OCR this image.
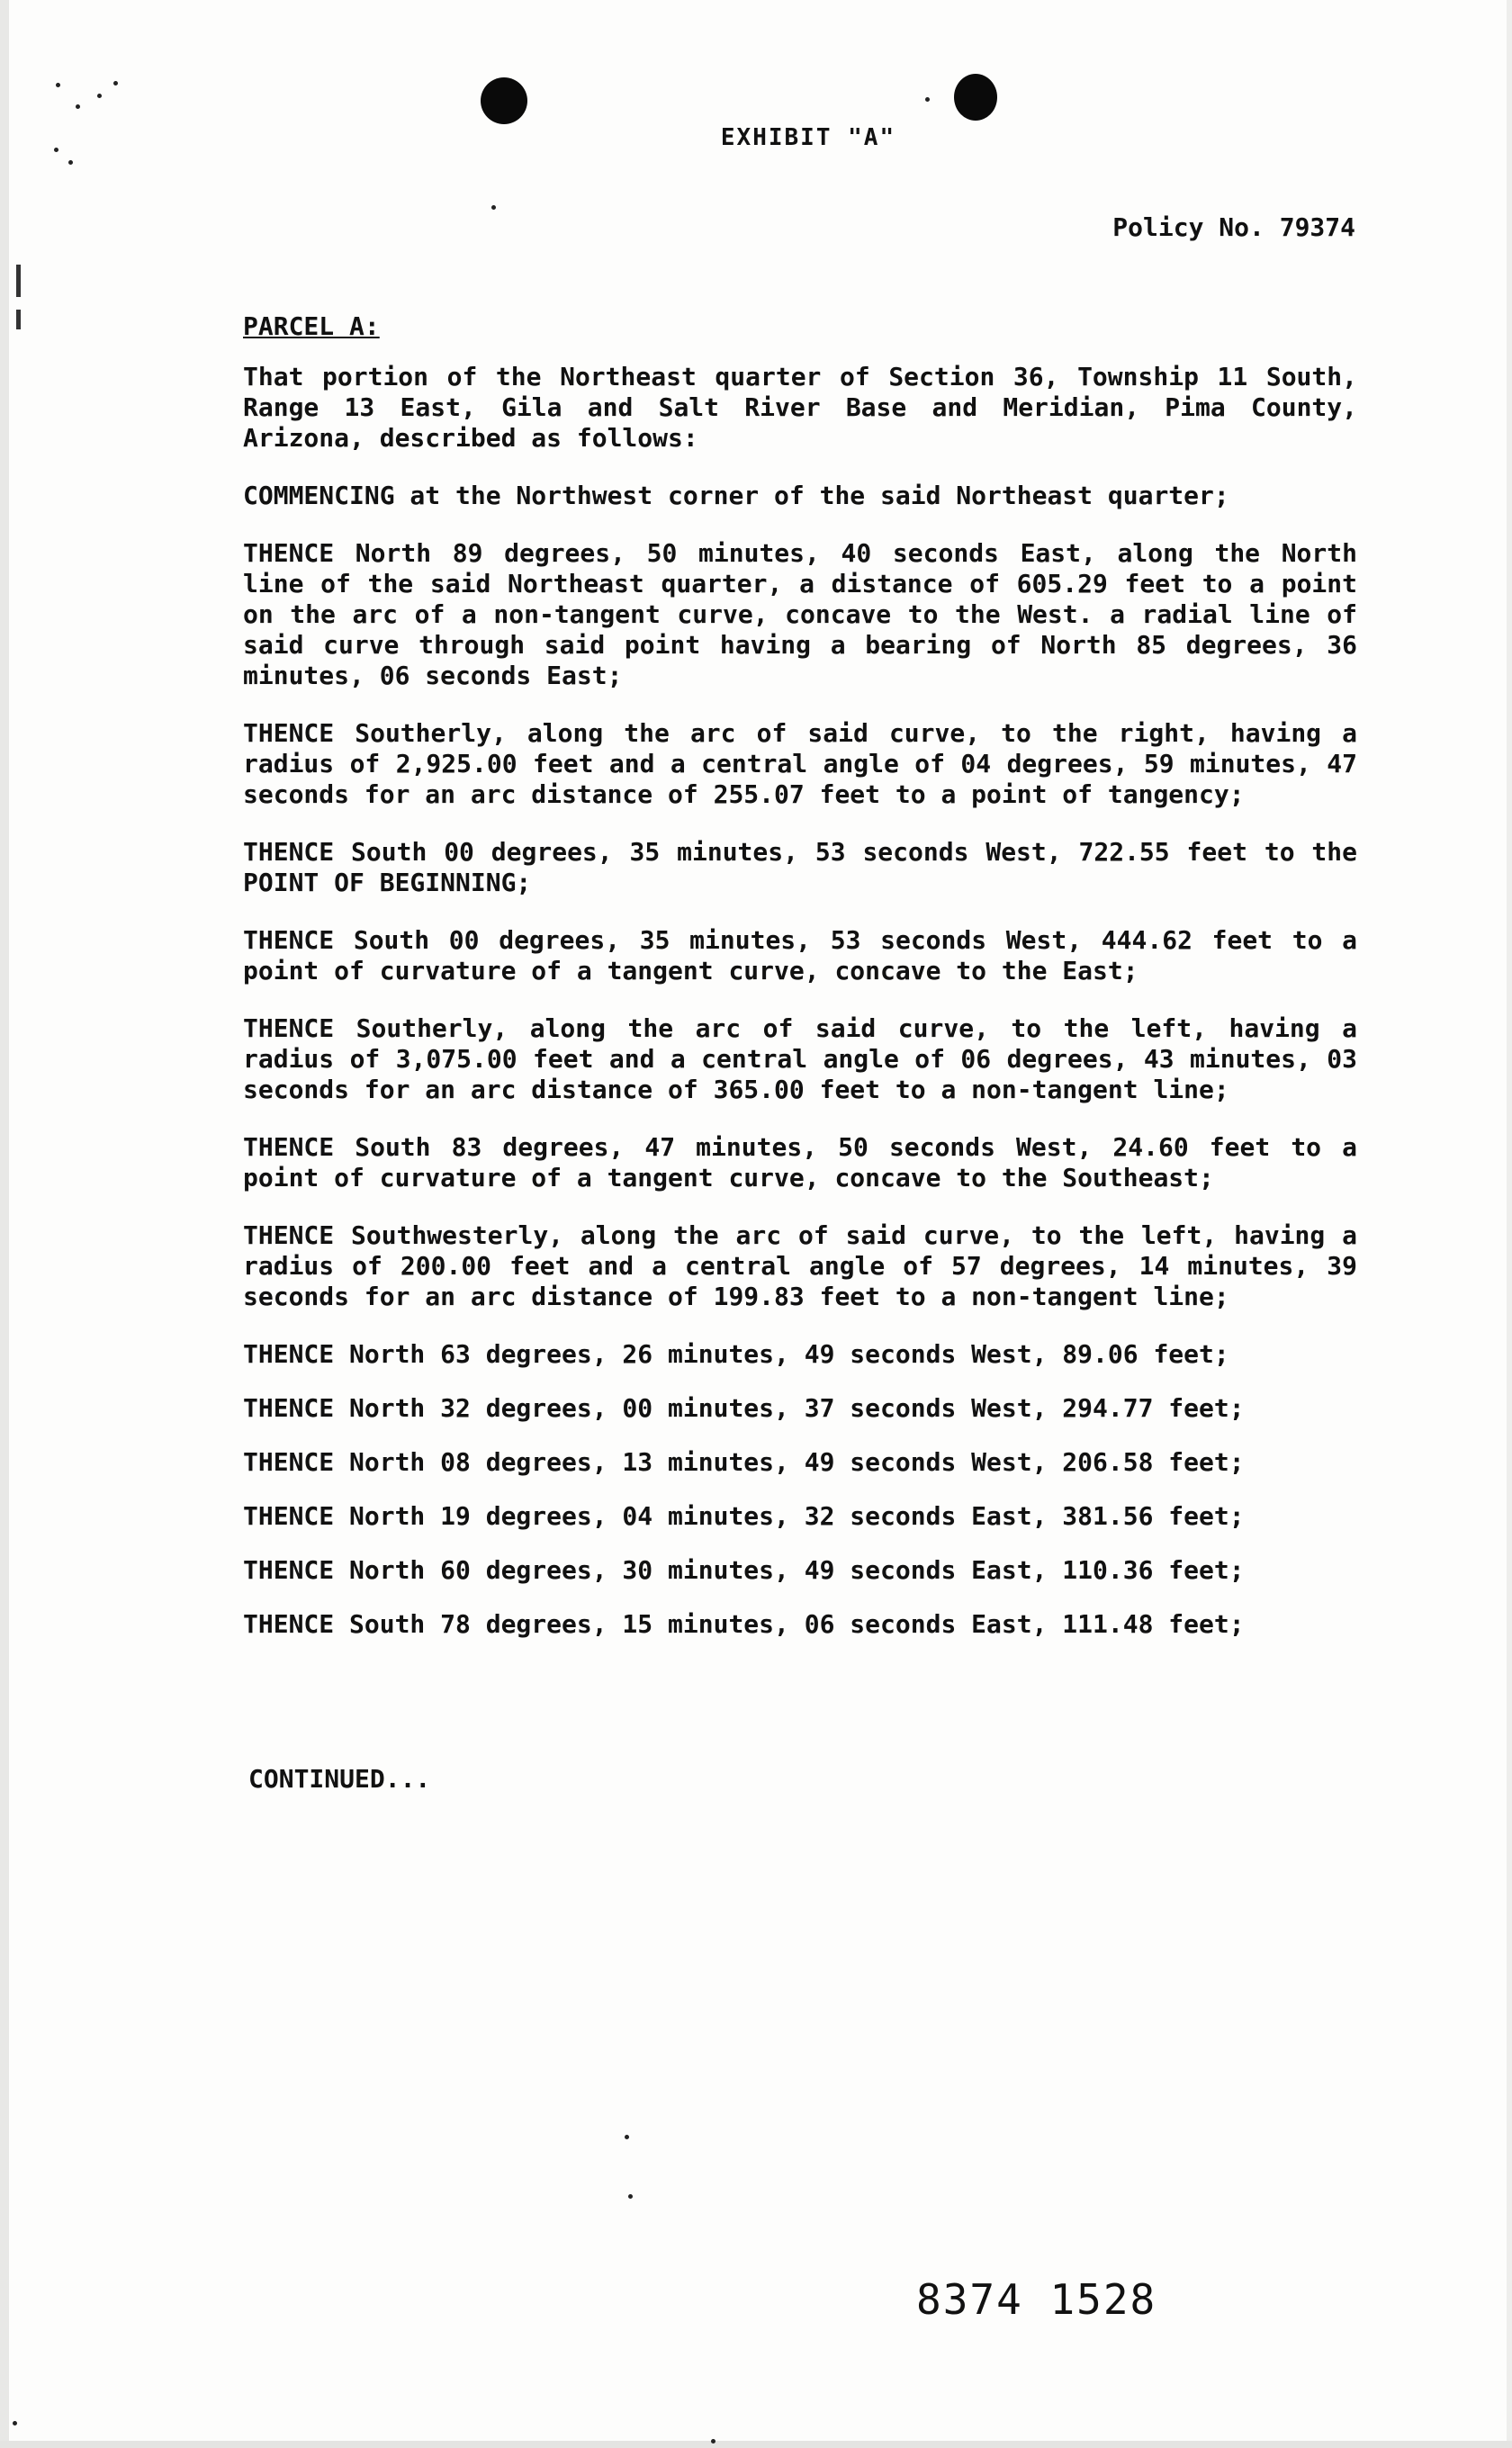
EXHIBIT "A"
Policy No. 79374
PARCEL A:

That portion of the Northeast quarter of Section 36, Township 11 South, Range 13 East, Gila and Salt River Base and Meridian, Pima County, Arizona, described as follows:

COMMENCING at the Northwest corner of the said Northeast quarter;

THENCE North 89 degrees, 50 minutes, 40 seconds East, along the North line of the said Northeast quarter, a distance of 605.29 feet to a point on the arc of a non-tangent curve, concave to the West. a radial line of said curve through said point having a bearing of North 85 degrees, 36 minutes, 06 seconds East;

THENCE Southerly, along the arc of said curve, to the right, having a radius of 2,925.00 feet and a central angle of 04 degrees, 59 minutes, 47 seconds for an arc distance of 255.07 feet to a point of tangency;

THENCE South 00 degrees, 35 minutes, 53 seconds West, 722.55 feet to the POINT OF BEGINNING;

THENCE South 00 degrees, 35 minutes, 53 seconds West, 444.62 feet to a point of curvature of a tangent curve, concave to the East;

THENCE Southerly, along the arc of said curve, to the left, having a radius of 3,075.00 feet and a central angle of 06 degrees, 43 minutes, 03 seconds for an arc distance of 365.00 feet to a non-tangent line;

THENCE South 83 degrees, 47 minutes, 50 seconds West, 24.60 feet to a point of curvature of a tangent curve, concave to the Southeast;

THENCE Southwesterly, along the arc of said curve, to the left, having a radius of 200.00 feet and a central angle of 57 degrees, 14 minutes, 39 seconds for an arc distance of 199.83 feet to a non-tangent line;

THENCE North 63 degrees, 26 minutes, 49 seconds West, 89.06 feet;

THENCE North 32 degrees, 00 minutes, 37 seconds West, 294.77 feet;

THENCE North 08 degrees, 13 minutes, 49 seconds West, 206.58 feet;

THENCE North 19 degrees, 04 minutes, 32 seconds East, 381.56 feet;

THENCE North 60 degrees, 30 minutes, 49 seconds East, 110.36 feet;

THENCE South 78 degrees, 15 minutes, 06 seconds East, 111.48 feet;

CONTINUED...
8374 1528
